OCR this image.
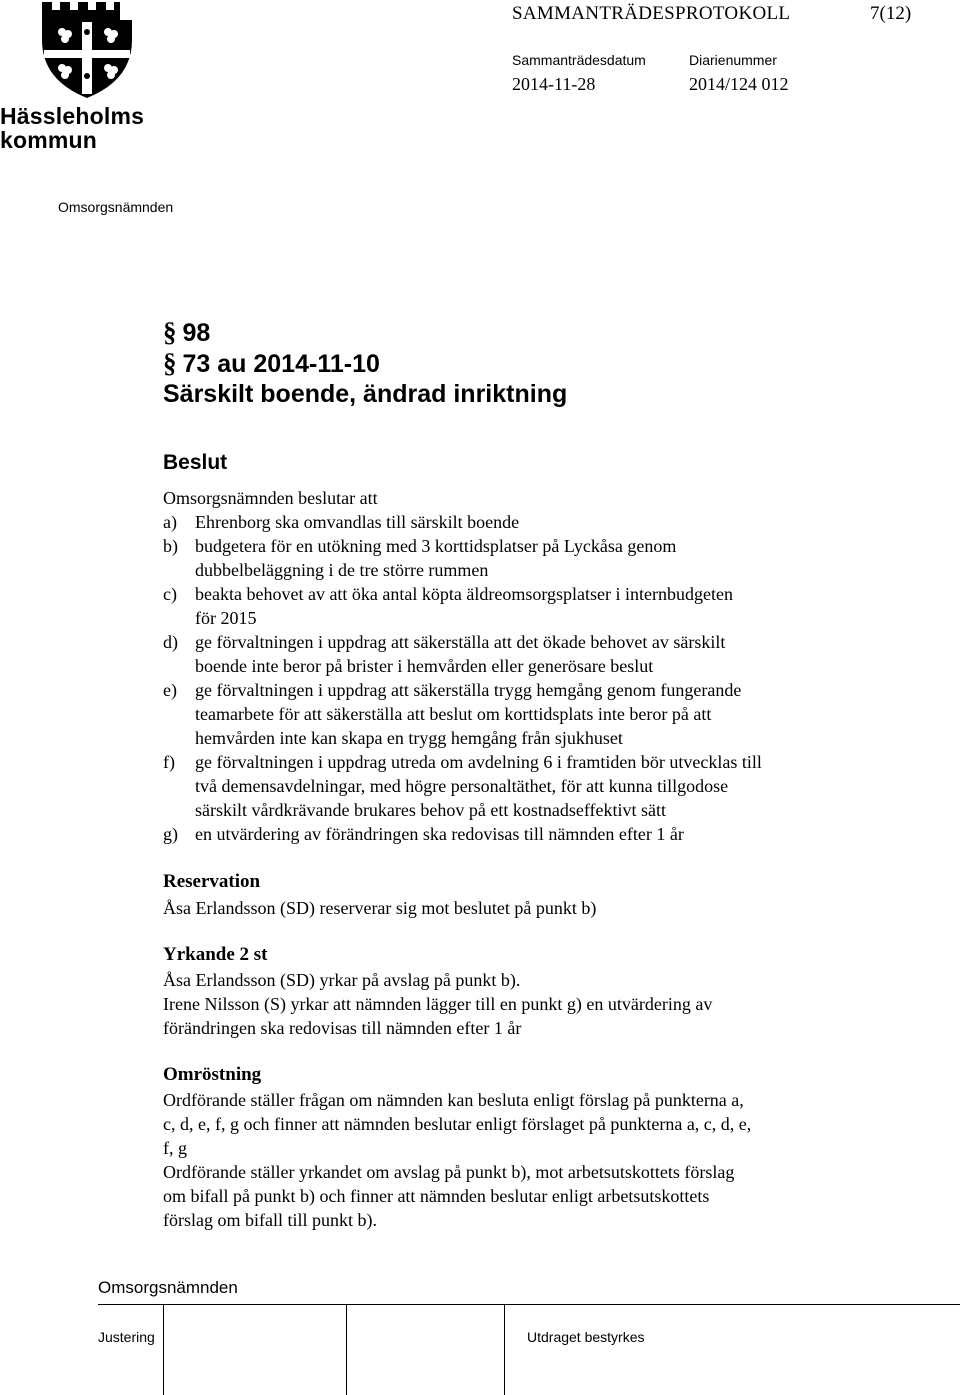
Hässleholms
kommun
SAMMANTRÄDESPROTOKOLL	7(12)
Sammanträdesdatum	Diarienummer
2014-11-28	2014/124 012
Omsorgsnämnden
§ 98
§ 73 au 2014-11-10
Särskilt boende, ändrad inriktning
Beslut
Omsorgsnämnden beslutar att
a)	Ehrenborg ska omvandlas till särskilt boende
b) budgetera för en utökning med 3 korttidsplatser på Lyckåsa genom
dubbelbeläggning i de tre större rummen
c)	beakta behovet av att öka antal köpta äldreomsorgsplatser i internbudgeten
för 2015
d) ge förvaltningen i uppdrag att säkerställa att det ökade behovet av särskilt
boende inte beror på brister i hemvården eller generösare beslut
e)	ge förvaltningen i uppdrag att säkerställa trygg hemgång genom fungerande
teamarbete för att säkerställa att beslut om korttidsplats inte beror på att
hemvården inte kan skapa en trygg hemgång från sjukhuset
f)	ge förvaltningen i uppdrag utreda om avdelning 6 i framtiden bör utvecklas till
två demensavdelningar, med högre personaltäthet, för att kunna tillgodose
särskilt vårdkrävande brukares behov på ett kostnadseffektivt sätt
g) en utvärdering av förändringen ska redovisas till nämnden efter 1 år
Reservation
Åsa Erlandsson (SD) reserverar sig mot beslutet på punkt b)
Yrkande 2 st
Åsa Erlandsson (SD) yrkar på avslag på punkt b).
Irene Nilsson (S) yrkar att nämnden lägger till en punkt g) en utvärdering av
förändringen ska redovisas till nämnden efter 1 år
Omröstning
Ordförande ställer frågan om nämnden kan besluta enligt förslag på punkterna a,
c, d, e, f, g och finner att nämnden beslutar enligt förslaget på punkterna a, c, d, e,
f, g
Ordförande ställer yrkandet om avslag på punkt b), mot arbetsutskottets förslag
om bifall på punkt b) och finner att nämnden beslutar enligt arbetsutskottets
förslag om bifall till punkt b).
Omsorgsnämnden
Justering	Utdraget bestyrkes
